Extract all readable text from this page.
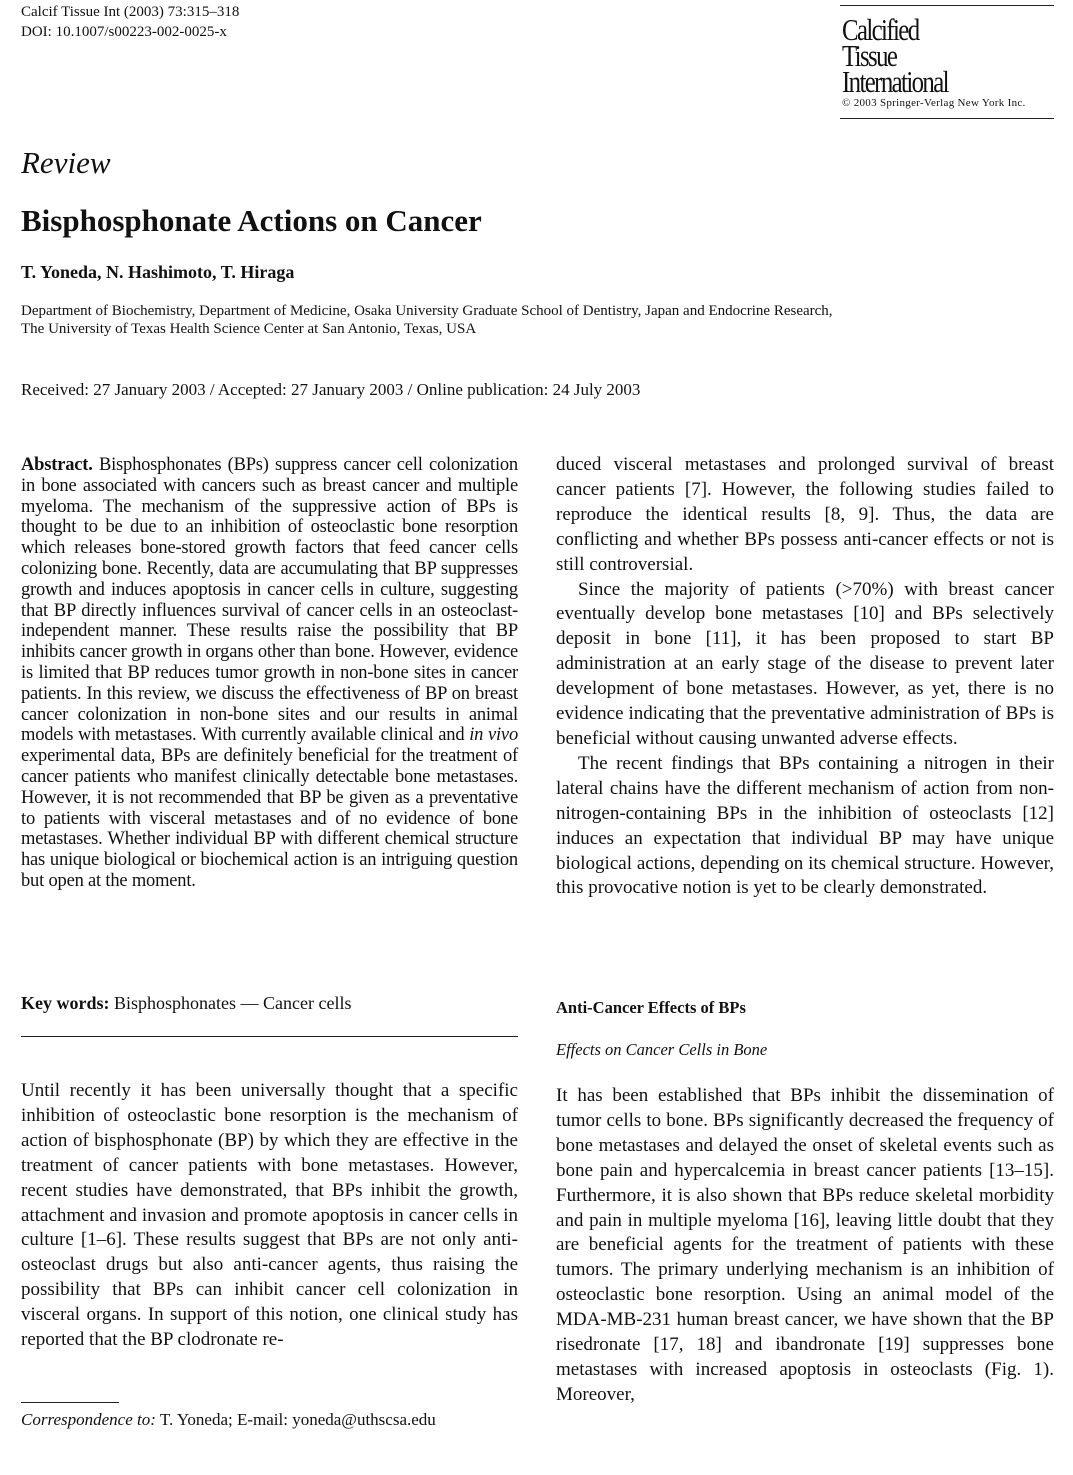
Calcif Tissue Int (2003) 73:315–318
DOI: 10.1007/s00223-002-0025-x	Calcified
Tissue
International
© 2003 Springer-Verlag New York Inc.
Review
Bisphosphonate Actions on Cancer
T. Yoneda, N. Hashimoto, T. Hiraga
Department of Biochemistry, Department of Medicine, Osaka University Graduate School of Dentistry, Japan and Endocrine Research,
The University of Texas Health Science Center at San Antonio, Texas, USA
Received: 27 January 2003 / Accepted: 27 January 2003 / Online publication: 24 July 2003
Abstract. Bisphosphonates (BPs) suppress cancer cell colonization in bone associated with cancers such as breast cancer and multiple myeloma. The mechanism of the suppressive action of BPs is thought to be due to an inhibition of osteoclastic bone resorption which releases bone-stored growth factors that feed cancer cells colonizing bone. Recently, data are accumulating that BP suppresses growth and induces apoptosis in cancer cells in culture, suggesting that BP directly influences survival of cancer cells in an osteoclast-independent manner. These results raise the possibility that BP inhibits cancer growth in organs other than bone. However, evidence is limited that BP reduces tumor growth in non-bone sites in cancer patients. In this review, we discuss the effectiveness of BP on breast cancer colonization in non-bone sites and our results in animal models with metastases. With currently available clinical and in vivo experimental data, BPs are definitely beneficial for the treatment of cancer patients who manifest clinically detectable bone metastases. However, it is not recommended that BP be given as a preventative to patients with visceral metastases and of no evidence of bone metastases. Whether individual BP with different chemical structure has unique biological or biochemical action is an intriguing question but open at the moment.
Key words: Bisphosphonates — Cancer cells

Until recently it has been universally thought that a specific inhibition of osteoclastic bone resorption is the mechanism of action of bisphosphonate (BP) by which they are effective in the treatment of cancer patients with bone metastases. However, recent studies have demonstrated, that BPs inhibit the growth, attachment and invasion and promote apoptosis in cancer cells in culture [1–6]. These results suggest that BPs are not only anti-osteoclast drugs but also anti-cancer agents, thus raising the possibility that BPs can inhibit cancer cell colonization in visceral organs. In support of this notion, one clinical study has reported that the BP clodronate re-

Correspondence to: T. Yoneda; E-mail: yoneda@uthscsa.edu

duced visceral metastases and prolonged survival of breast cancer patients [7]. However, the following studies failed to reproduce the identical results [8, 9]. Thus, the data are conflicting and whether BPs possess anti-cancer effects or not is still controversial.

Since the majority of patients (>70%) with breast cancer eventually develop bone metastases [10] and BPs selectively deposit in bone [11], it has been proposed to start BP administration at an early stage of the disease to prevent later development of bone metastases. However, as yet, there is no evidence indicating that the preventative administration of BPs is beneficial without causing unwanted adverse effects.

The recent findings that BPs containing a nitrogen in their lateral chains have the different mechanism of action from non-nitrogen-containing BPs in the inhibition of osteoclasts [12] induces an expectation that individual BP may have unique biological actions, depending on its chemical structure. However, this provocative notion is yet to be clearly demonstrated.

Anti-Cancer Effects of BPs
Effects on Cancer Cells in Bone

It has been established that BPs inhibit the dissemination of tumor cells to bone. BPs significantly decreased the frequency of bone metastases and delayed the onset of skeletal events such as bone pain and hypercalcemia in breast cancer patients [13–15]. Furthermore, it is also shown that BPs reduce skeletal morbidity and pain in multiple myeloma [16], leaving little doubt that they are beneficial agents for the treatment of patients with these tumors. The primary underlying mechanism is an inhibition of osteoclastic bone resorption. Using an animal model of the MDA-MB-231 human breast cancer, we have shown that the BP risedronate [17, 18] and ibandronate [19] suppresses bone metastases with increased apoptosis in osteoclasts (Fig. 1). Moreover,
